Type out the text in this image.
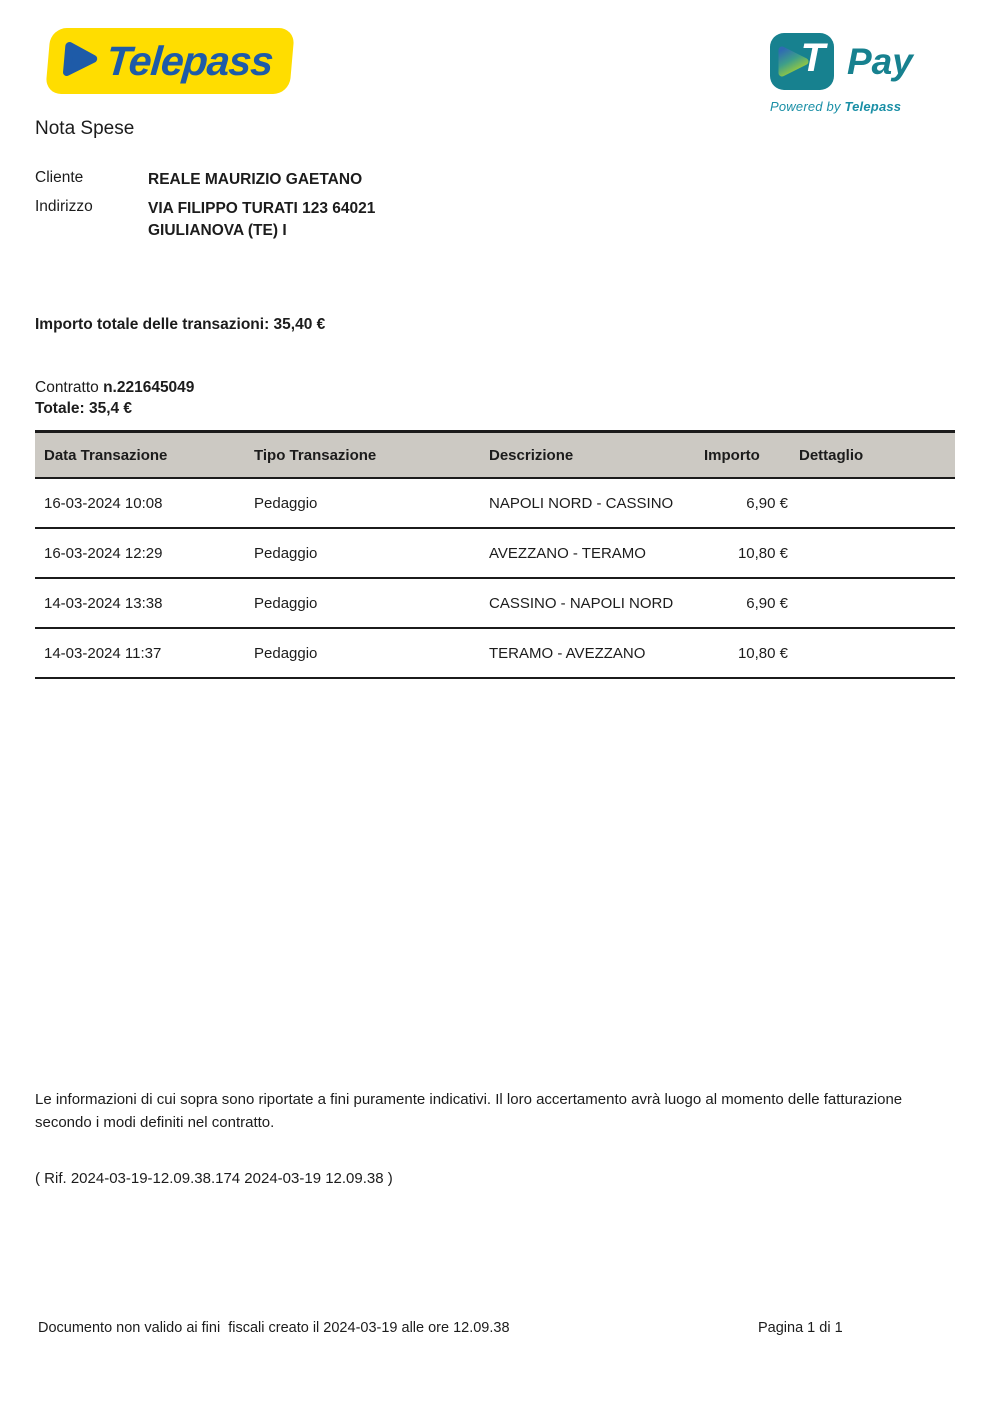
Telepass	T Pay
Powered by Telepass
Nota Spese
Cliente	REALE MAURIZIO GAETANO
Indirizzo	VIA FILIPPO TURATI 123 64021
GIULIANOVA (TE) I
Importo totale delle transazioni: 35,40 €
Contratto n.221645049
Totale: 35,4 €
Data Transazione	Tipo Transazione	Descrizione	Importo	Dettaglio
16-03-2024 10:08	Pedaggio	NAPOLI NORD - CASSINO	6,90 €	
16-03-2024 12:29	Pedaggio	AVEZZANO - TERAMO	10,80 €	
14-03-2024 13:38	Pedaggio	CASSINO - NAPOLI NORD	6,90 €	
14-03-2024 11:37	Pedaggio	TERAMO - AVEZZANO	10,80 €	
Le informazioni di cui sopra sono riportate a fini puramente indicativi. Il loro accertamento avrà luogo al momento delle fatturazione secondo i modi definiti nel contratto.
( Rif. 2024-03-19-12.09.38.174 2024-03-19 12.09.38 )
Documento non valido ai fini  fiscali creato il 2024-03-19 alle ore 12.09.38	Pagina 1 di 1
